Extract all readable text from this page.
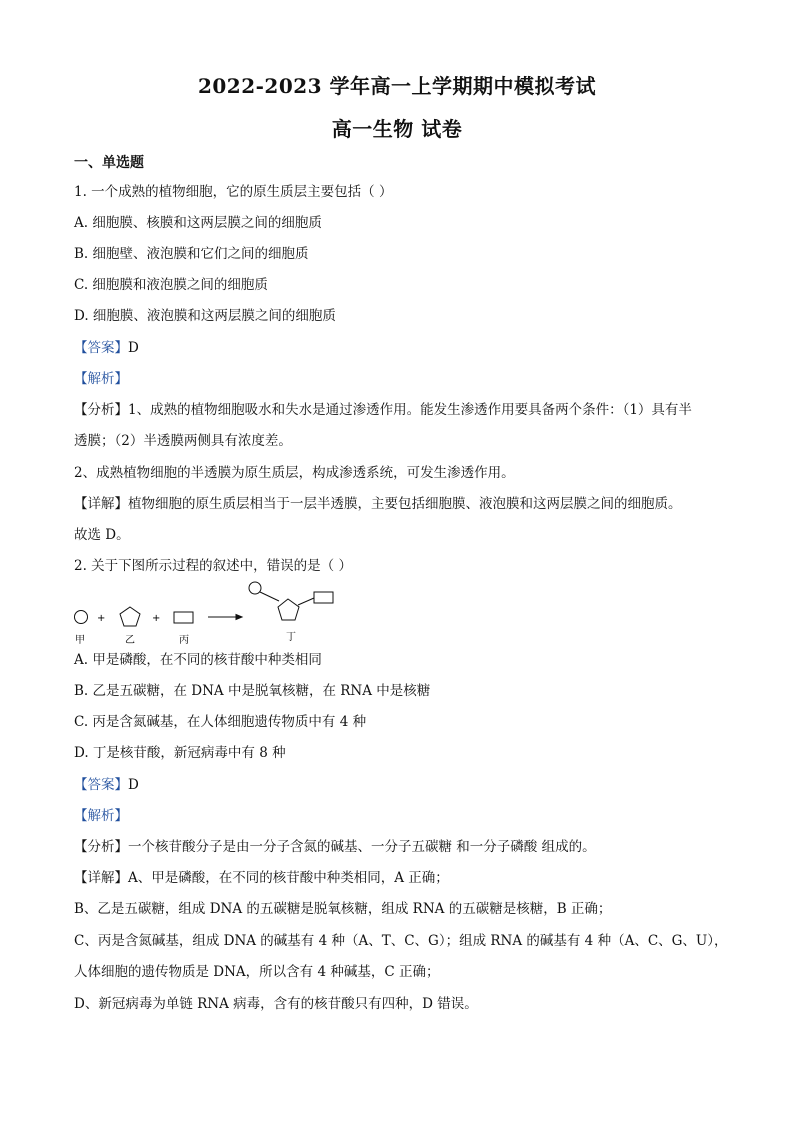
2022-2023 学年高一上学期期中模拟考试
高一生物 试卷
一、单选题
1. 一个成熟的植物细胞，它的原生质层主要包括（ ）
A. 细胞膜、核膜和这两层膜之间的细胞质
B. 细胞壁、液泡膜和它们之间的细胞质
C. 细胞膜和液泡膜之间的细胞质
D. 细胞膜、液泡膜和这两层膜之间的细胞质
【答案】D
【解析】
【分析】1、成熟的植物细胞吸水和失水是通过渗透作用。能发生渗透作用要具备两个条件：（1）具有半
透膜；（2）半透膜两侧具有浓度差。
2、成熟植物细胞的半透膜为原生质层，构成渗透系统，可发生渗透作用。
【详解】植物细胞的原生质层相当于一层半透膜，主要包括细胞膜、液泡膜和这两层膜之间的细胞质。
故选 D。
2. 关于下图所示过程的叙述中，错误的是（ ）
+	+
甲	乙	丙	丁
A. 甲是磷酸，在不同的核苷酸中种类相同
B. 乙是五碳糖，在 DNA 中是脱氧核糖，在 RNA 中是核糖
C. 丙是含氮碱基，在人体细胞遗传物质中有 4 种
D. 丁是核苷酸，新冠病毒中有 8 种
【答案】D
【解析】
【分析】一个核苷酸分子是由一分子含氮的碱基、一分子五碳糖 和一分子磷酸 组成的。
【详解】A、甲是磷酸，在不同的核苷酸中种类相同，A 正确；
B、乙是五碳糖，组成 DNA 的五碳糖是脱氧核糖，组成 RNA 的五碳糖是核糖，B 正确；
C、丙是含氮碱基，组成 DNA 的碱基有 4 种（A、T、C、G）；组成 RNA 的碱基有 4 种（A、C、G、U），
人体细胞的遗传物质是 DNA，所以含有 4 种碱基，C 正确；
D、新冠病毒为单链 RNA 病毒，含有的核苷酸只有四种，D 错误。
